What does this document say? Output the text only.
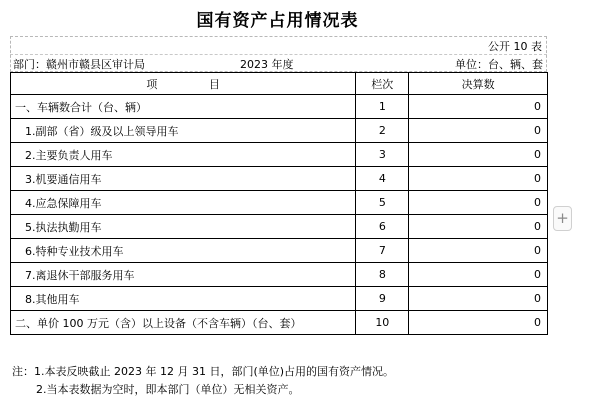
国有资产占用情况表
公开 10 表
部门：赣州市赣县区审计局	2023 年度	单位：台、辆、套
项 目	栏次	决算数
一、车辆数合计（台、辆）	1	0
1.副部（省）级及以上领导用车	2	0
2.主要负责人用车	3	0
3.机要通信用车	4	0
4.应急保障用车	5	0
5.执法执勤用车	6	0
6.特种专业技术用车	7	0
7.离退休干部服务用车	8	0
8.其他用车	9	0
二、单价 100 万元（含）以上设备（不含车辆）（台、套）	10	0
注：1.本表反映截止 2023 年 12 月 31 日，部门(单位)占用的国有资产情况。
2.当本表数据为空时，即本部门（单位）无相关资产。
+
